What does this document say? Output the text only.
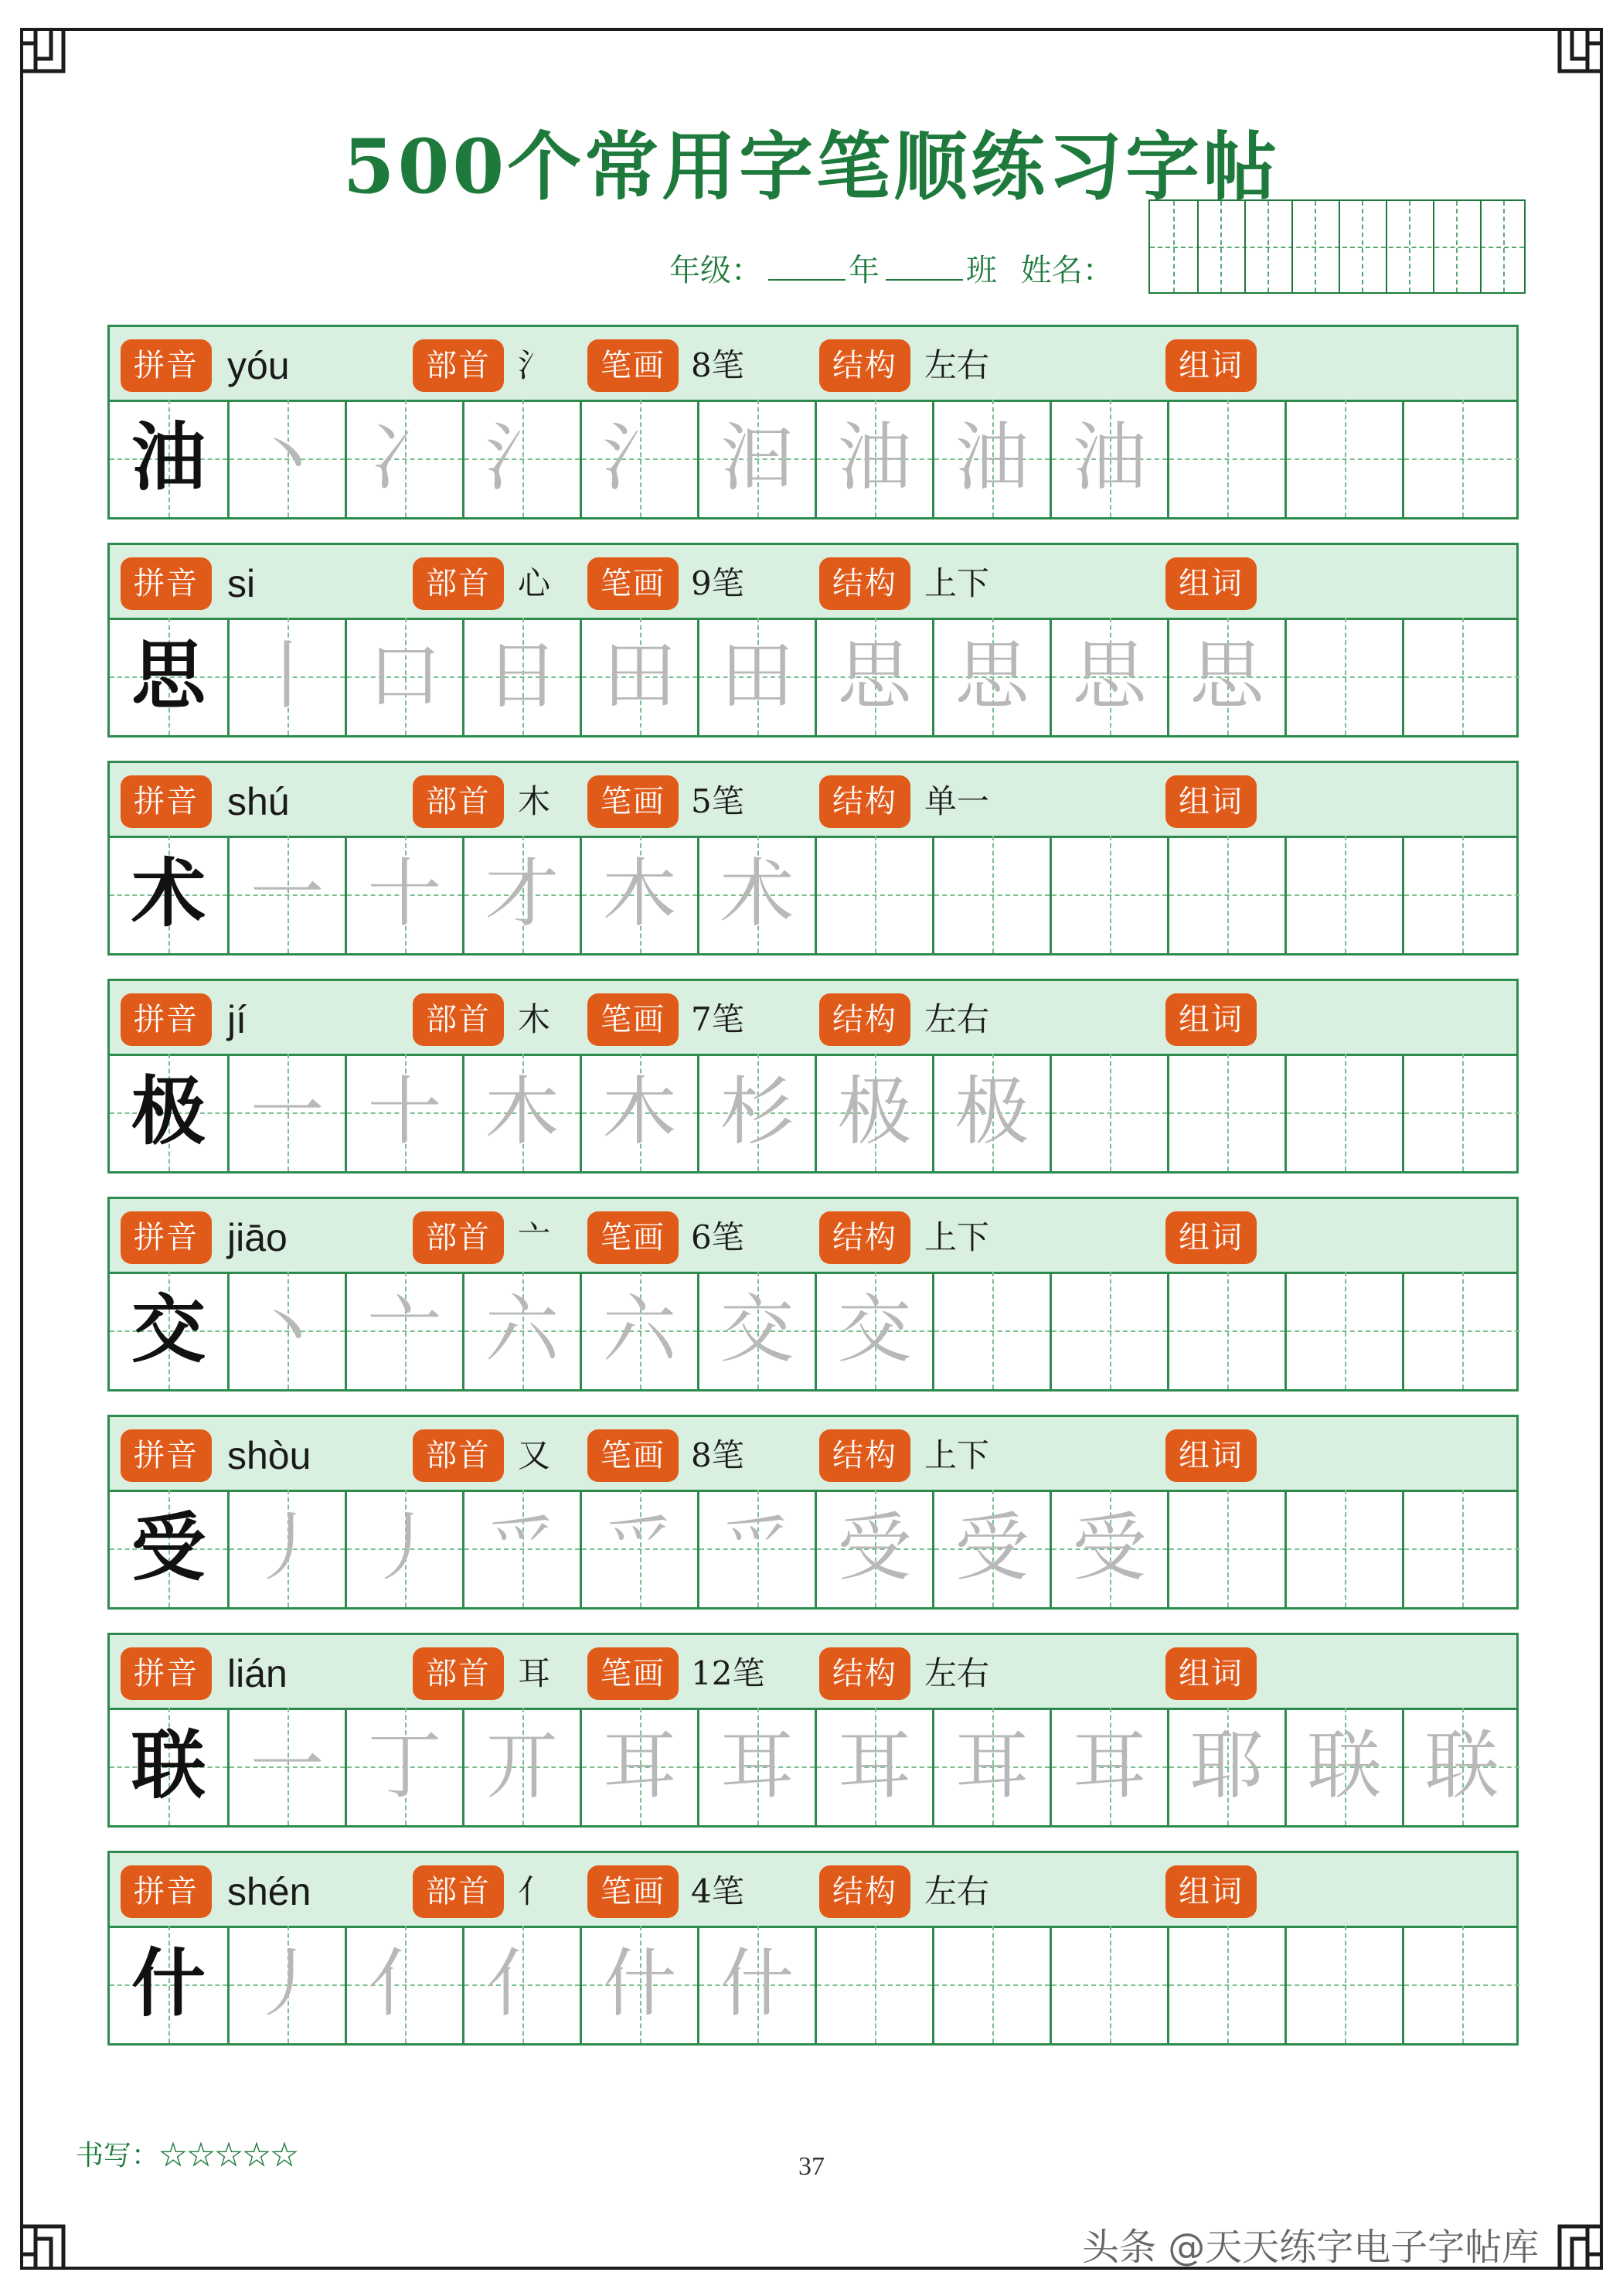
500个常用字笔顺练习字帖
年级：	年	班 姓名：
拼音 yóu	部首 氵	笔画 8笔	结构 左右	组词
油 丶 冫 氵 氵 汩 油 油 油
拼音 si	部首 心	笔画 9笔	结构 上下	组词
思 丨 口 日 田 田 思 思 思 思
拼音 shú	部首 木	笔画 5笔	结构 单一	组词
术 一 十 才 木 术
拼音 jí	部首 木	笔画 7笔	结构 左右	组词
极 一 十 木 木 杉 极 极
拼音 jiāo	部首 亠	笔画 6笔	结构 上下	组词
交 丶 亠 六 六 交 交
拼音 shòu	部首 又	笔画 8笔	结构 上下	组词
受 丿 丿 爫 爫 爫 受 受 受
拼音 lián	部首 耳	笔画 12笔	结构 左右	组词
联 一 丁 丌 耳 耳 耳 耳 耳 耶 联 联
拼音 shén	部首 亻	笔画 4笔	结构 左右	组词
什 丿 亻 亻 什 什
书写：☆☆☆☆☆	37
头条 @天天练字电子字帖库
